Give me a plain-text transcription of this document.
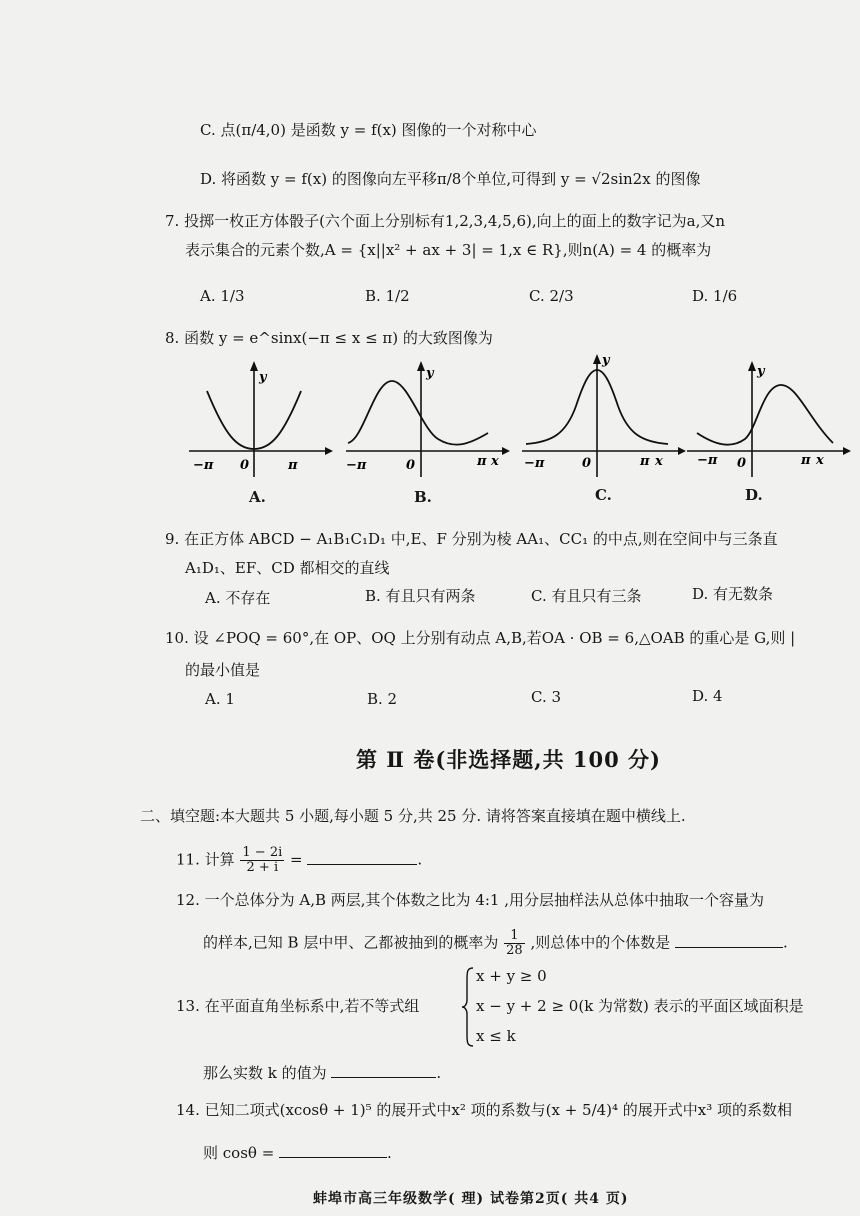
C. 点(π/4,0) 是函数 y = f(x) 图像的一个对称中心
D. 将函数 y = f(x) 的图像向左平移π/8个单位,可得到 y = √2sin2x 的图像
7. 投掷一枚正方体骰子(六个面上分别标有1,2,3,4,5,6),向上的面上的数字记为a,又n
表示集合的元素个数,A = {x||x² + ax + 3| = 1,x ∈ R},则n(A) = 4 的概率为
A. 1/3	B. 1/2	C. 2/3	D. 1/6
8. 函数 y = e^sinx(−π ≤ x ≤ π) 的大致图像为
−π 0	π
y
A.
−π	0	π x
y
B.
−π	0	π x
y
C.
−π 0	π x
y
D.
9. 在正方体 ABCD − A₁B₁C₁D₁ 中,E、F 分别为棱 AA₁、CC₁ 的中点,则在空间中与三条直
A₁D₁、EF、CD 都相交的直线
A. 不存在	B. 有且只有两条	C. 有且只有三条	D. 有无数条
10. 设 ∠POQ = 60°,在 OP、OQ 上分别有动点 A,B,若OA · OB = 6,△OAB 的重心是 G,则 |
的最小值是
A. 1	B. 2	C. 3	D. 4
第 Ⅱ 卷(非选择题,共 100 分)
二、填空题:本大题共 5 小题,每小题 5 分,共 25 分. 请将答案直接填在题中横线上.
11. 计算 $\frac{1 - 2i}{2 + i}$ =	.
12. 一个总体分为 A,B 两层,其个体数之比为 4:1 ,用分层抽样法从总体中抽取一个容量为
的样本,已知 B 层中甲、乙都被抽到的概率为 $\frac{1}{28}$ ,则总体中的个体数是	.
x + y ≥ 0
13. 在平面直角坐标系中,若不等式组	x − y + 2 ≥ 0(k 为常数) 表示的平面区域面积是
x ≤ k
那么实数 k 的值为	.
14. 已知二项式(xcosθ + 1)⁵ 的展开式中x² 项的系数与(x + 5/4)⁴ 的展开式中x³ 项的系数相
则 cosθ =	.
蚌埠市高三年级数学( 理) 试卷第2页( 共4 页)
